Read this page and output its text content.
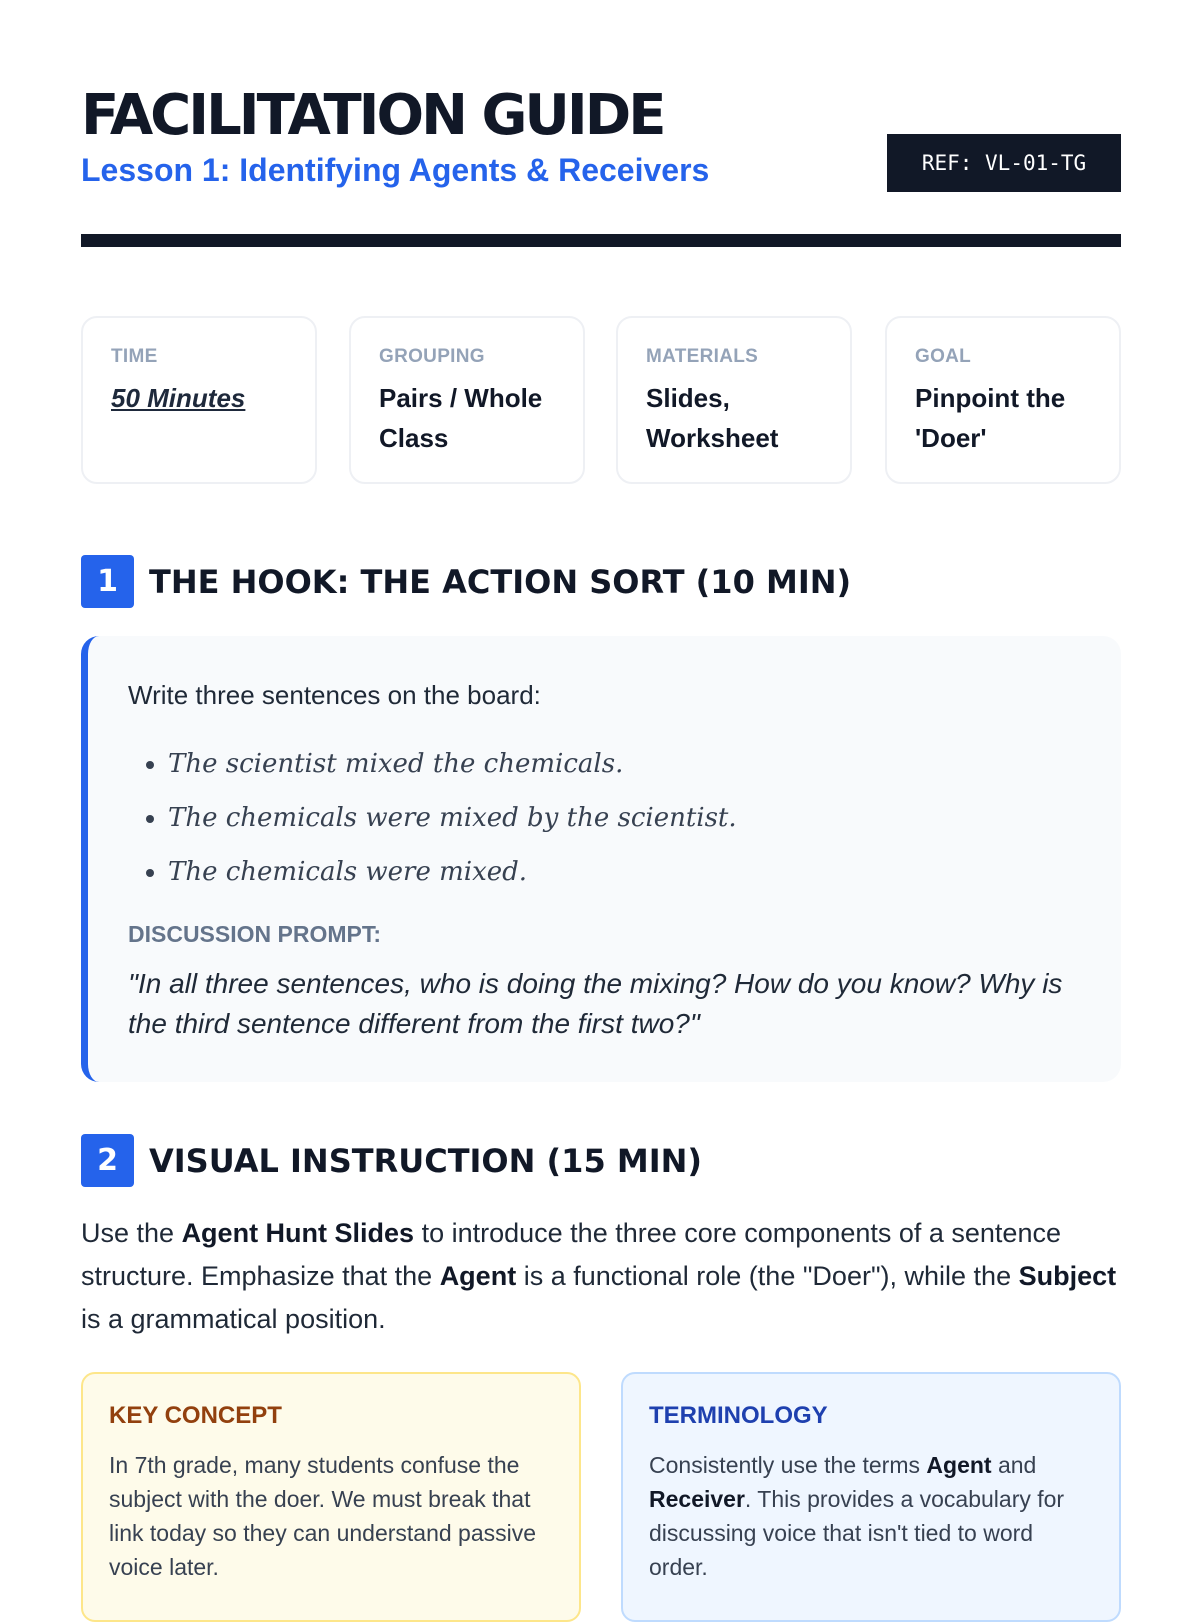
FACILITATION GUIDE
Lesson 1: Identifying Agents & Receivers	REF: VL-01-TG
TIME
50 Minutes
GROUPING
Pairs / Whole Class
MATERIALS
Slides, Worksheet
GOAL
Pinpoint the 'Doer'
1 THE HOOK: THE ACTION SORT (10 MIN)
Write three sentences on the board:
• The scientist mixed the chemicals.
• The chemicals were mixed by the scientist.
• The chemicals were mixed.
DISCUSSION PROMPT:
"In all three sentences, who is doing the mixing? How do you know? Why is the third sentence different from the first two?"
2 VISUAL INSTRUCTION (15 MIN)
Use the Agent Hunt Slides to introduce the three core components of a sentence structure. Emphasize that the Agent is a functional role (the "Doer"), while the Subject is a grammatical position.
KEY CONCEPT
In 7th grade, many students confuse the subject with the doer. We must break that link today so they can understand passive voice later.
TERMINOLOGY
Consistently use the terms Agent and Receiver. This provides a vocabulary for discussing voice that isn't tied to word order.
